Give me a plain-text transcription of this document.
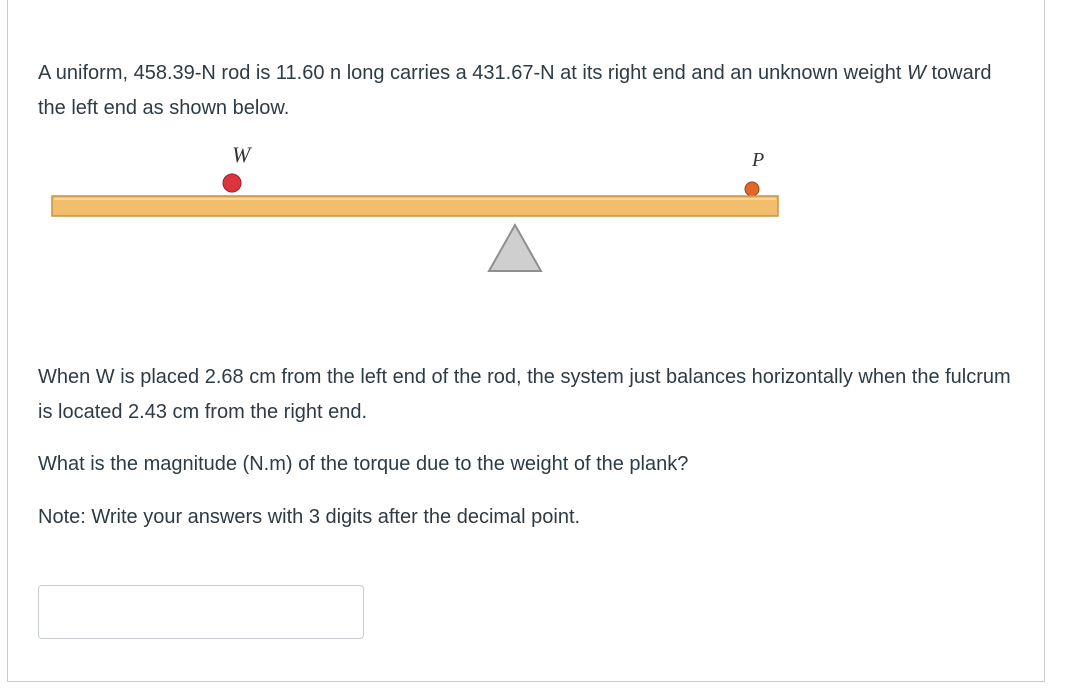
A uniform, 458.39-N rod is 11.60 n long carries a 431.67-N at its right end and an unknown weight W toward the left end as shown below.

W	P

When W is placed 2.68 cm from the left end of the rod, the system just balances horizontally when the fulcrum is located 2.43 cm from the right end.

What is the magnitude (N.m) of the torque due to the weight of the plank?

Note: Write your answers with 3 digits after the decimal point.
